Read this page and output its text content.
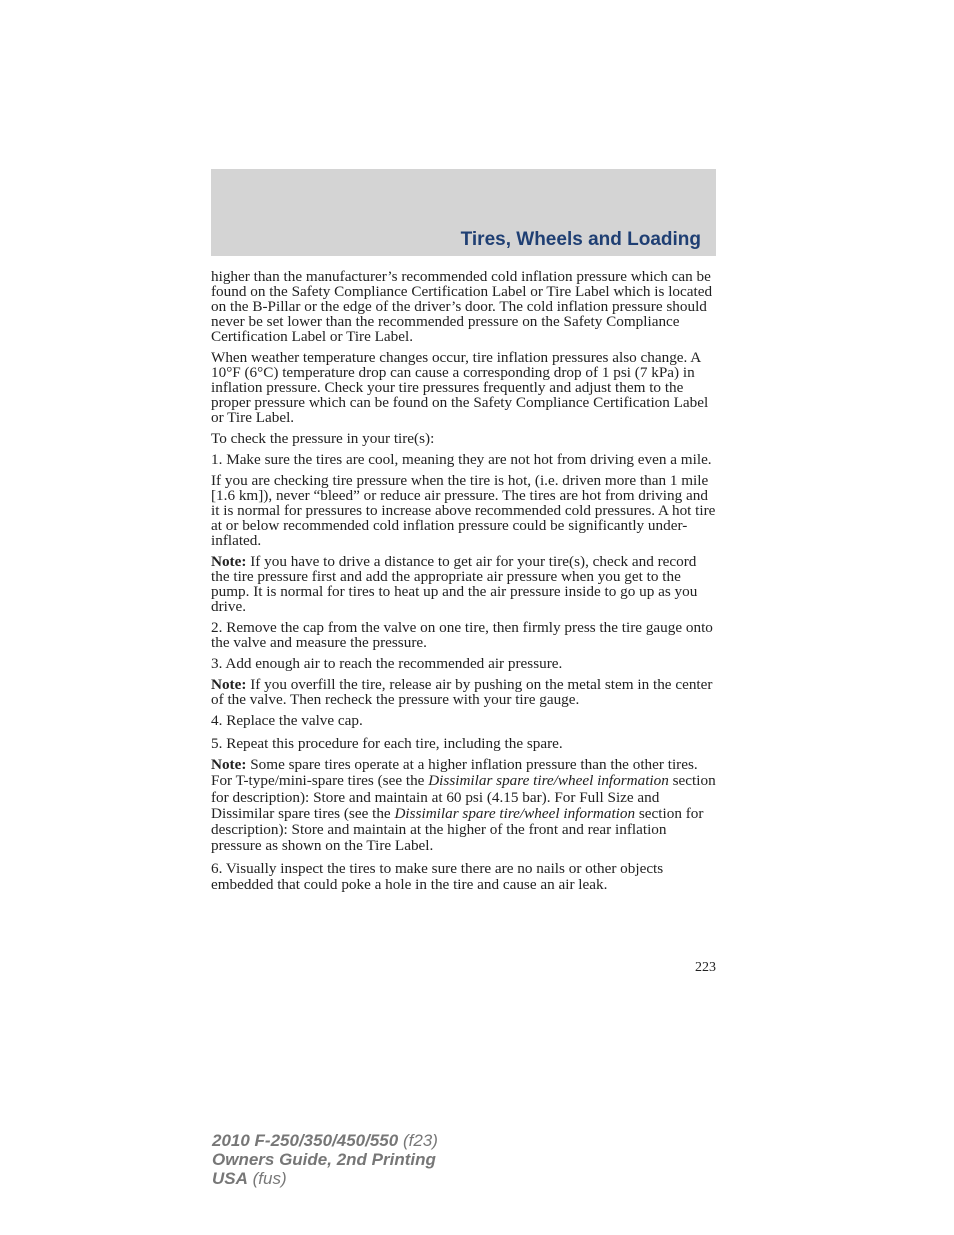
Tires, Wheels and Loading

higher than the manufacturer’s recommended cold inflation pressure which can be found on the Safety Compliance Certification Label or Tire Label which is located on the B-Pillar or the edge of the driver’s door. The cold inflation pressure should never be set lower than the recommended pressure on the Safety Compliance Certification Label or Tire Label.

When weather temperature changes occur, tire inflation pressures also change. A 10°F (6°C) temperature drop can cause a corresponding drop of 1 psi (7 kPa) in inflation pressure. Check your tire pressures frequently and adjust them to the proper pressure which can be found on the Safety Compliance Certification Label or Tire Label.

To check the pressure in your tire(s):

1. Make sure the tires are cool, meaning they are not hot from driving even a mile.

If you are checking tire pressure when the tire is hot, (i.e. driven more than 1 mile [1.6 km]), never “bleed” or reduce air pressure. The tires are hot from driving and it is normal for pressures to increase above recommended cold pressures. A hot tire at or below recommended cold inflation pressure could be significantly under-inflated.

Note: If you have to drive a distance to get air for your tire(s), check and record the tire pressure first and add the appropriate air pressure when you get to the pump. It is normal for tires to heat up and the air pressure inside to go up as you drive.

2. Remove the cap from the valve on one tire, then firmly press the tire gauge onto the valve and measure the pressure.

3. Add enough air to reach the recommended air pressure.

Note: If you overfill the tire, release air by pushing on the metal stem in the center of the valve. Then recheck the pressure with your tire gauge.

4. Replace the valve cap.

5. Repeat this procedure for each tire, including the spare.

Note: Some spare tires operate at a higher inflation pressure than the other tires. For T-type/mini-spare tires (see the Dissimilar spare tire/wheel information section for description): Store and maintain at 60 psi (4.15 bar). For Full Size and Dissimilar spare tires (see the Dissimilar spare tire/wheel information section for description): Store and maintain at the higher of the front and rear inflation pressure as shown on the Tire Label.

6. Visually inspect the tires to make sure there are no nails or other objects embedded that could poke a hole in the tire and cause an air leak.

223
2010 F-250/350/450/550 (f23)
Owners Guide, 2nd Printing
USA (fus)
